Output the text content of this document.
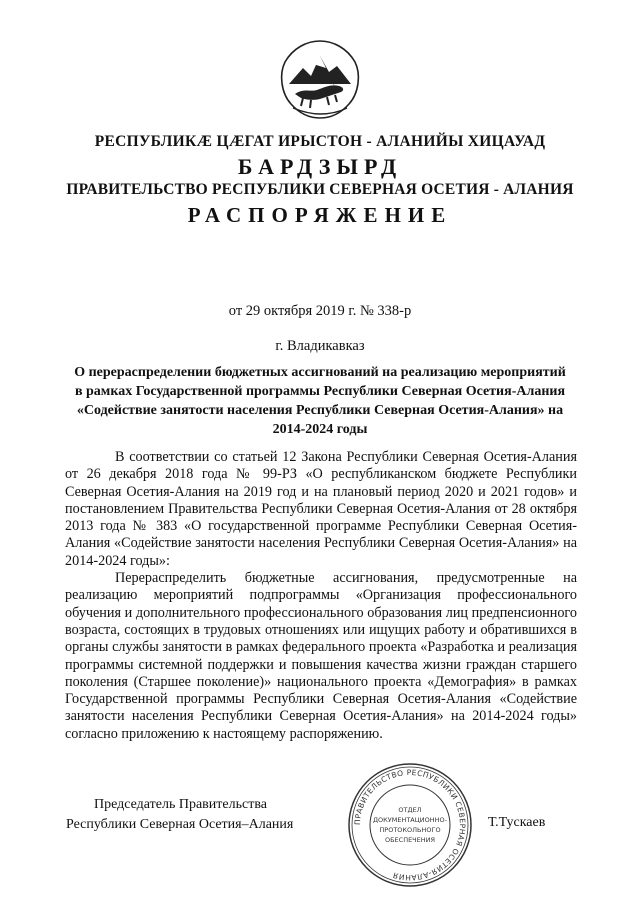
РЕСПУБЛИКӔ ЦӔГАТ ИРЫСТОН - АЛАНИЙЫ ХИЦАУАД
БАРДЗЫРД
ПРАВИТЕЛЬСТВО РЕСПУБЛИКИ СЕВЕРНАЯ ОСЕТИЯ - АЛАНИЯ
РАСПОРЯЖЕНИЕ
от 29 октября 2019 г. № 338-р
г. Владикавказ
О перераспределении бюджетных ассигнований на реализацию мероприятий в рамках Государственной программы Республики Северная Осетия-Алания «Содействие занятости населения Республики Северная Осетия-Алания» на 2014-2024 годы

В соответствии со статьей 12 Закона Республики Северная Осетия-Алания от 26 декабря 2018 года № 99-РЗ «О республиканском бюджете Республики Северная Осетия-Алания на 2019 год и на плановый период 2020 и 2021 годов» и постановлением Правительства Республики Северная Осетия-Алания от 28 октября 2013 года № 383 «О государственной программе Республики Северная Осетия-Алания «Содействие занятости населения Республики Северная Осетия-Алания» на 2014-2024 годы»:

Перераспределить бюджетные ассигнования, предусмотренные на реализацию мероприятий подпрограммы «Организация профессионального обучения и дополнительного профессионального образования лиц предпенсионного возраста, состоящих в трудовых отношениях или ищущих работу и обратившихся в органы службы занятости в рамках федерального проекта «Разработка и реализация программы системной поддержки и повышения качества жизни граждан старшего поколения (Старшее поколение)» национального проекта «Демография» в рамках Государственной программы Республики Северная Осетия-Алания «Содействие занятости населения Республики Северная Осетия-Алания» на 2014-2024 годы» согласно приложению к настоящему распоряжению.

Председатель Правительства
Республики Северная Осетия–Алания	Т.Тускаев
ПРАВИТЕЛЬСТВО РЕСПУБЛИКИ СЕВЕРНАЯ ОСЕТИЯ-АЛАНИЯ
ОТДЕЛ
ДОКУМЕНТАЦИОННО-
ПРОТОКОЛЬНОГО
ОБЕСПЕЧЕНИЯ
